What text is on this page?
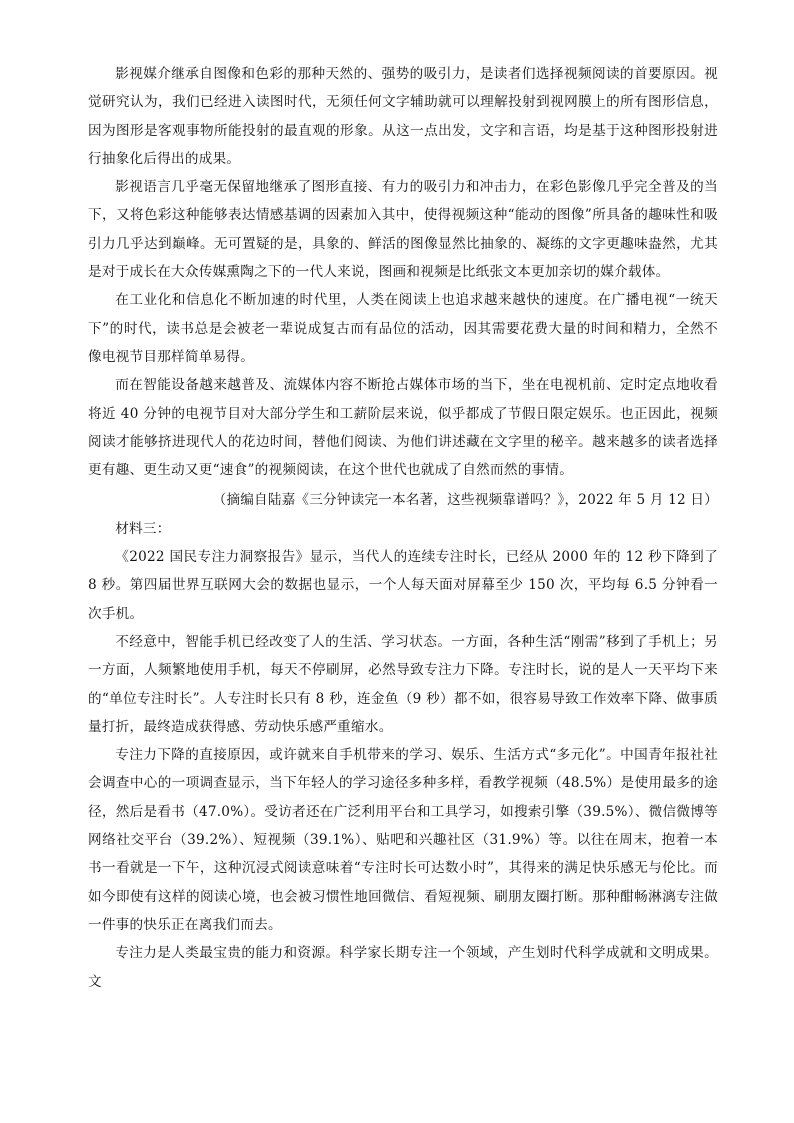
影视媒介继承自图像和色彩的那种天然的、强势的吸引力，是读者们选择视频阅读的首要原因。视觉研究认为，我们已经进入读图时代，无须任何文字辅助就可以理解投射到视网膜上的所有图形信息，因为图形是客观事物所能投射的最直观的形象。从这一点出发，文字和言语，均是基于这种图形投射进行抽象化后得出的成果。

影视语言几乎毫无保留地继承了图形直接、有力的吸引力和冲击力，在彩色影像几乎完全普及的当下，又将色彩这种能够表达情感基调的因素加入其中，使得视频这种“能动的图像”所具备的趣味性和吸引力几乎达到巅峰。无可置疑的是，具象的、鲜活的图像显然比抽象的、凝练的文字更趣味盎然，尤其是对于成长在大众传媒熏陶之下的一代人来说，图画和视频是比纸张文本更加亲切的媒介载体。

在工业化和信息化不断加速的时代里，人类在阅读上也追求越来越快的速度。在广播电视“一统天下”的时代，读书总是会被老一辈说成复古而有品位的活动，因其需要花费大量的时间和精力，全然不像电视节目那样简单易得。

而在智能设备越来越普及、流媒体内容不断抢占媒体市场的当下，坐在电视机前、定时定点地收看将近 40 分钟的电视节目对大部分学生和工薪阶层来说，似乎都成了节假日限定娱乐。也正因此，视频阅读才能够挤进现代人的花边时间，替他们阅读、为他们讲述藏在文字里的秘辛。越来越多的读者选择更有趣、更生动又更“速食”的视频阅读，在这个世代也就成了自然而然的事情。

（摘编自陆嘉《三分钟读完一本名著，这些视频靠谱吗？》，2022 年 5 月 12 日）

材料三：

《2022 国民专注力洞察报告》显示，当代人的连续专注时长，已经从 2000 年的 12 秒下降到了 8 秒。第四届世界互联网大会的数据也显示，一个人每天面对屏幕至少 150 次，平均每 6.5 分钟看一次手机。

不经意中，智能手机已经改变了人的生活、学习状态。一方面，各种生活“刚需”移到了手机上；另一方面，人频繁地使用手机，每天不停刷屏，必然导致专注力下降。专注时长，说的是人一天平均下来的“单位专注时长”。人专注时长只有 8 秒，连金鱼（9 秒）都不如，很容易导致工作效率下降、做事质量打折，最终造成获得感、劳动快乐感严重缩水。

专注力下降的直接原因，或许就来自手机带来的学习、娱乐、生活方式“多元化”。中国青年报社社会调查中心的一项调查显示，当下年轻人的学习途径多种多样，看教学视频（48.5%）是使用最多的途径，然后是看书（47.0%）。受访者还在广泛利用平台和工具学习，如搜索引擎（39.5%）、微信微博等网络社交平台（39.2%）、短视频（39.1%）、贴吧和兴趣社区（31.9%）等。以往在周末，抱着一本书一看就是一下午，这种沉浸式阅读意味着“专注时长可达数小时”，其得来的满足快乐感无与伦比。而如今即使有这样的阅读心境，也会被习惯性地回微信、看短视频、刷朋友圈打断。那种酣畅淋漓专注做一件事的快乐正在离我们而去。

专注力是人类最宝贵的能力和资源。科学家长期专注一个领域，产生划时代科学成就和文明成果。文
